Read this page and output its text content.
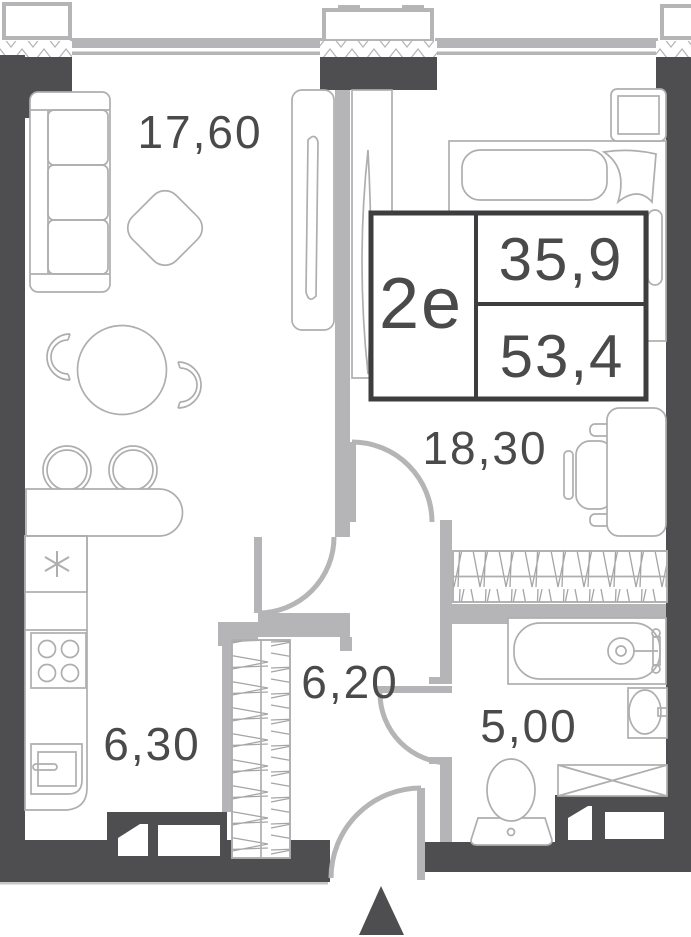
2e
35,9
53,4
17,60
18,30
6,30
6,20
5,00
